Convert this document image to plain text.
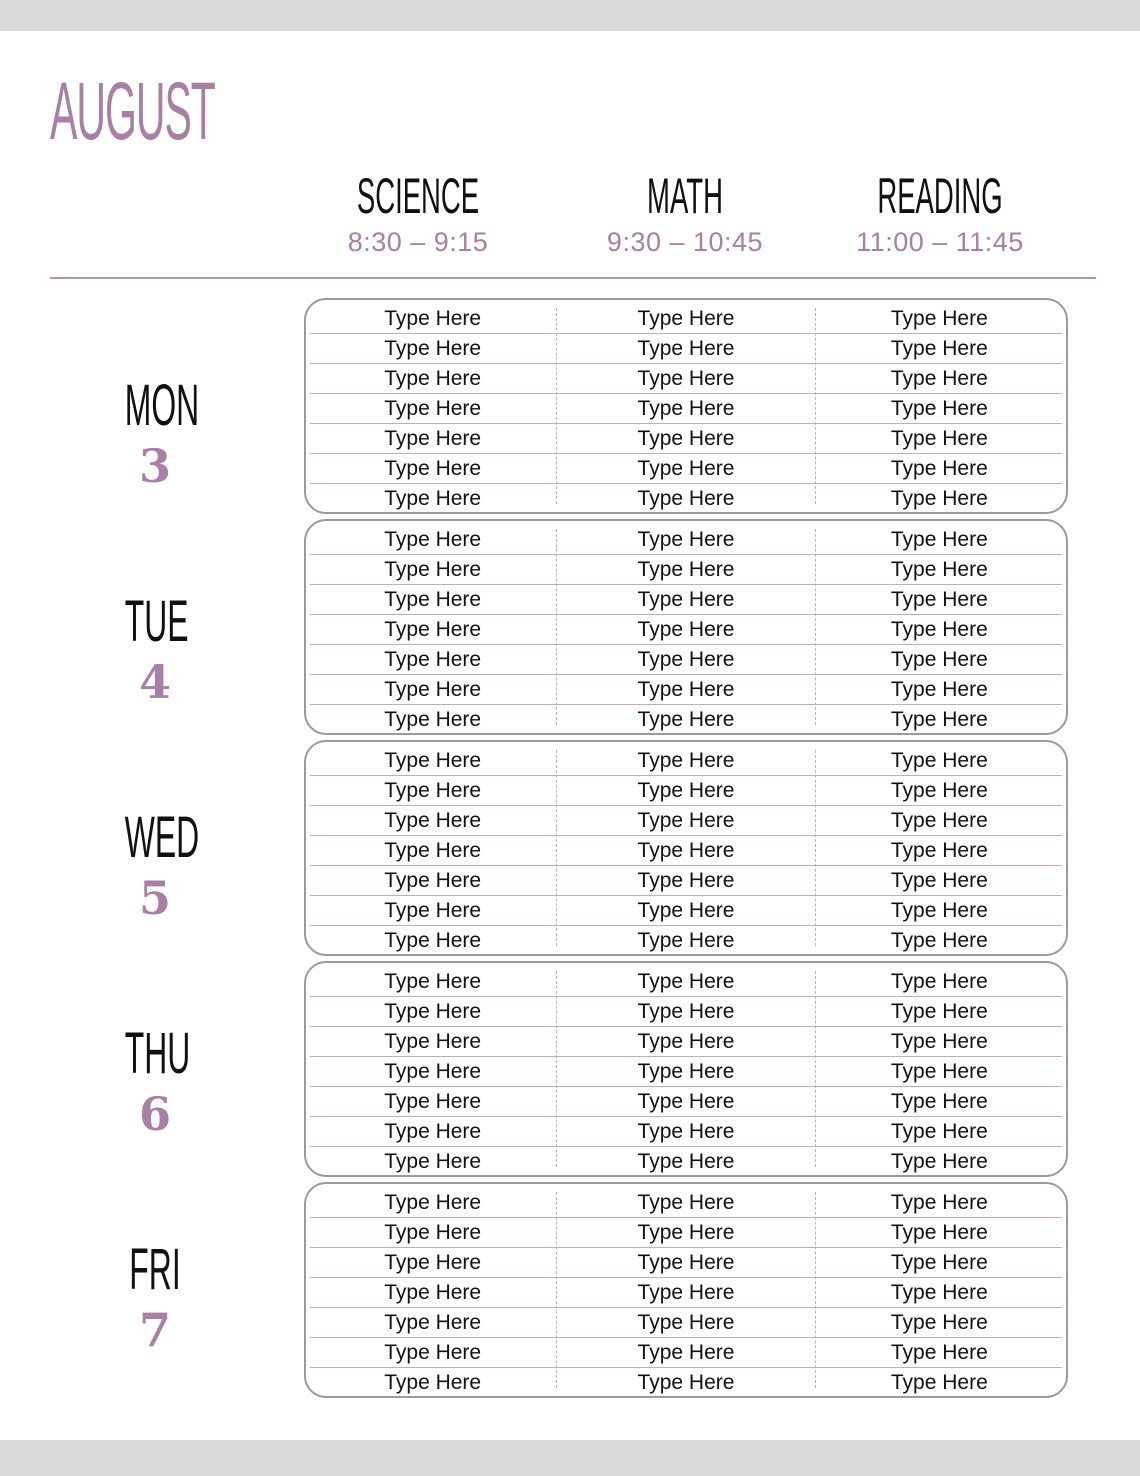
AUGUST
SCIENCE
8:30 – 9:15
MATH
9:30 – 10:45
READING
11:00 – 11:45
MON
3
Type Here	Type Here	Type Here
Type Here	Type Here	Type Here
Type Here	Type Here	Type Here
Type Here	Type Here	Type Here
Type Here	Type Here	Type Here
Type Here	Type Here	Type Here
Type Here	Type Here	Type Here
TUE
4
Type Here	Type Here	Type Here
Type Here	Type Here	Type Here
Type Here	Type Here	Type Here
Type Here	Type Here	Type Here
Type Here	Type Here	Type Here
Type Here	Type Here	Type Here
Type Here	Type Here	Type Here
WED
5
Type Here	Type Here	Type Here
Type Here	Type Here	Type Here
Type Here	Type Here	Type Here
Type Here	Type Here	Type Here
Type Here	Type Here	Type Here
Type Here	Type Here	Type Here
Type Here	Type Here	Type Here
THU
6
Type Here	Type Here	Type Here
Type Here	Type Here	Type Here
Type Here	Type Here	Type Here
Type Here	Type Here	Type Here
Type Here	Type Here	Type Here
Type Here	Type Here	Type Here
Type Here	Type Here	Type Here
FRI
7
Type Here	Type Here	Type Here
Type Here	Type Here	Type Here
Type Here	Type Here	Type Here
Type Here	Type Here	Type Here
Type Here	Type Here	Type Here
Type Here	Type Here	Type Here
Type Here	Type Here	Type Here
